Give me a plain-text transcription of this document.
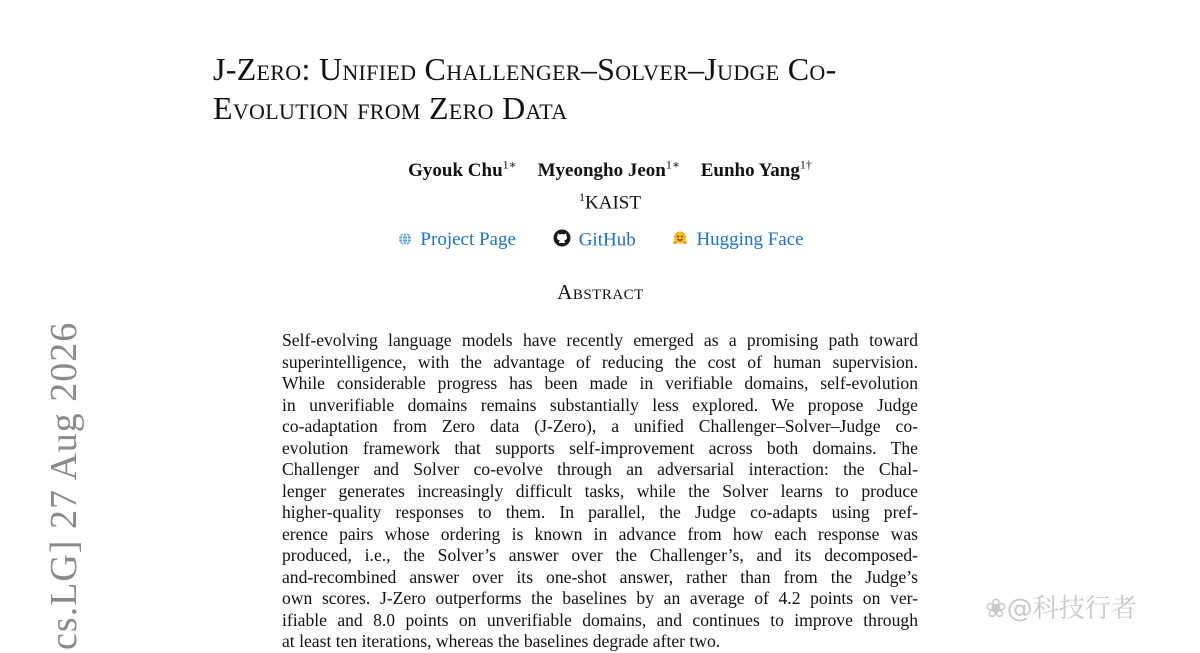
J-Zero: Unified Challenger–Solver–Judge Co-
Evolution from Zero Data
Gyouk Chu$^{1∗}$ Myeongho Jeon$^{1∗}$ Eunho Yang$^{1\dagger}$
$^1$KAIST
Project Page	GitHub	Hugging Face
Abstract
Self-evolving language models have recently emerged as a promising path toward
superintelligence, with the advantage of reducing the cost of human supervision.
While considerable progress has been made in verifiable domains, self-evolution
in unverifiable domains remains substantially less explored. We propose Judge
co-adaptation from Zero data (J-Zero), a unified Challenger–Solver–Judge co-
evolution framework that supports self-improvement across both domains. The
Challenger and Solver co-evolve through an adversarial interaction: the Chal-
lenger generates increasingly difficult tasks, while the Solver learns to produce
higher-quality responses to them. In parallel, the Judge co-adapts using pref-
erence pairs whose ordering is known in advance from how each response was
produced, i.e., the Solver’s answer over the Challenger’s, and its decomposed-
and-recombined answer over its one-shot answer, rather than from the Judge’s
own scores. J-Zero outperforms the baselines by an average of 4.2 points on ver-
ifiable and 8.0 points on unverifiable domains, and continues to improve through
at least ten iterations, whereas the baselines degrade after two.
cs.LG] 27 Aug 2026	❀@科技行者
